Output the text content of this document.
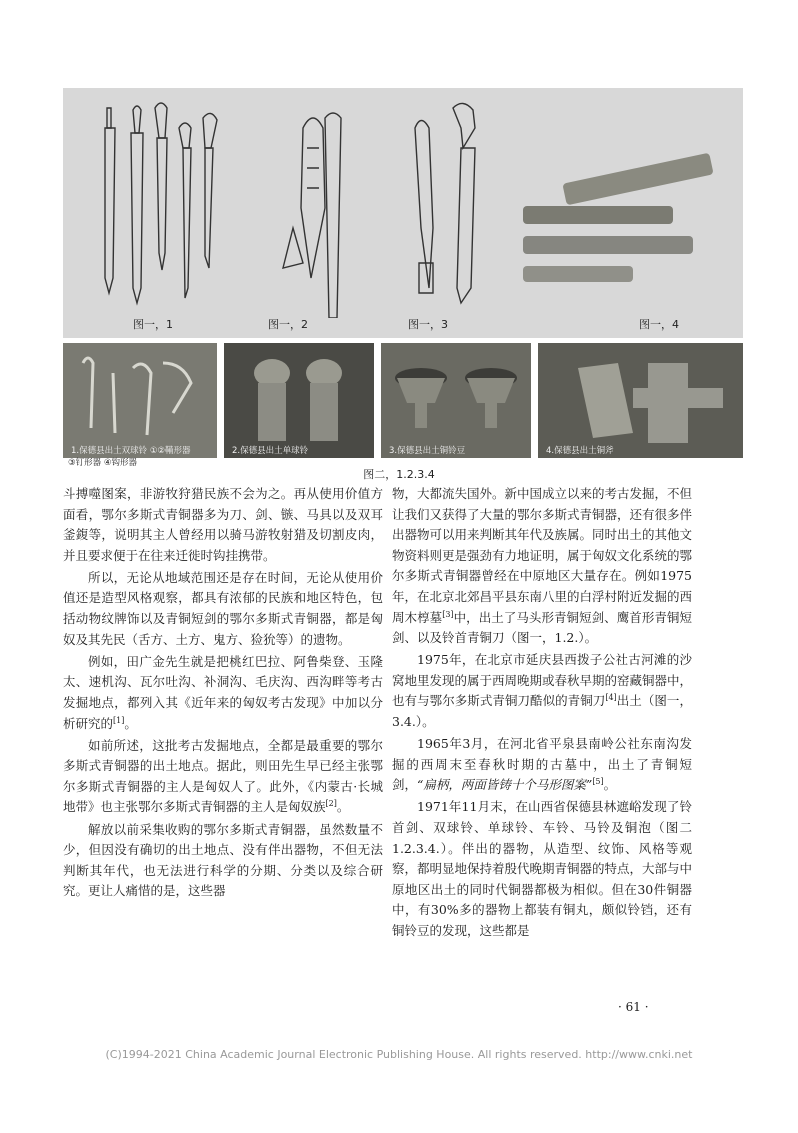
图一，1	图一，2	图一，3	图一，4
1.保德县出土双球铃 ①②鞴形器
③钉形器 ④钩形器
2.保德县出土单球铃	3.保德县出土铜铃豆	4.保德县出土铜斧
图二，1.2.3.4

斗搏噬图案，非游牧狩猎民族不会为之。再从使用价值方面看，鄂尔多斯式青铜器多为刀、剑、镞、马具以及双耳釜鍑等，说明其主人曾经用以骑马游牧射猎及切割皮肉，并且要求便于在往来迁徙时钩挂携带。

所以，无论从地域范围还是存在时间，无论从使用价值还是造型风格观察，都具有浓郁的民族和地区特色，包括动物纹牌饰以及青铜短剑的鄂尔多斯式青铜器，都是匈奴及其先民（舌方、土方、鬼方、猃狁等）的遗物。

例如，田广金先生就是把桃红巴拉、阿鲁柴登、玉隆太、速机沟、瓦尔吐沟、补洞沟、毛庆沟、西沟畔等考古发掘地点，都列入其《近年来的匈奴考古发现》中加以分析研究的[1]。

如前所述，这批考古发掘地点，全都是最重要的鄂尔多斯式青铜器的出土地点。据此，则田先生早已经主张鄂尔多斯式青铜器的主人是匈奴人了。此外，《内蒙古·长城地带》也主张鄂尔多斯式青铜器的主人是匈奴族[2]。

解放以前采集收购的鄂尔多斯式青铜器，虽然数量不少，但因没有确切的出土地点、没有伴出器物，不但无法判断其年代，也无法进行科学的分期、分类以及综合研究。更让人痛惜的是，这些器

物，大都流失国外。新中国成立以来的考古发掘，不但让我们又获得了大量的鄂尔多斯式青铜器，还有很多伴出器物可以用来判断其年代及族属。同时出土的其他文物资料则更是强劲有力地证明，属于匈奴文化系统的鄂尔多斯式青铜器曾经在中原地区大量存在。例如1975年，在北京北郊昌平县东南八里的白浮村附近发掘的西周木椁墓[3]中，出土了马头形青铜短剑、鹰首形青铜短剑、以及铃首青铜刀（图一，1.2.）。

1975年，在北京市延庆县西拨子公社古河滩的沙窝地里发现的属于西周晚期或春秋早期的窑藏铜器中，也有与鄂尔多斯式青铜刀酷似的青铜刀[4]出土（图一，3.4.）。

1965年3月，在河北省平泉县南岭公社东南沟发掘的西周末至春秋时期的古墓中，出土了青铜短剑，“扁柄，两面皆铸十个马形图案”[5]。

1971年11月末，在山西省保德县林遮峪发现了铃首剑、双球铃、单球铃、车铃、马铃及铜泡（图二1.2.3.4.）。伴出的器物，从造型、纹饰、风格等观察，都明显地保持着殷代晚期青铜器的特点，大部与中原地区出土的同时代铜器都极为相似。但在30件铜器中，有30%多的器物上都装有铜丸，颇似铃铛，还有铜铃豆的发现，这些都是

· 61 ·
(C)1994-2021 China Academic Journal Electronic Publishing House. All rights reserved. http://www.cnki.net
